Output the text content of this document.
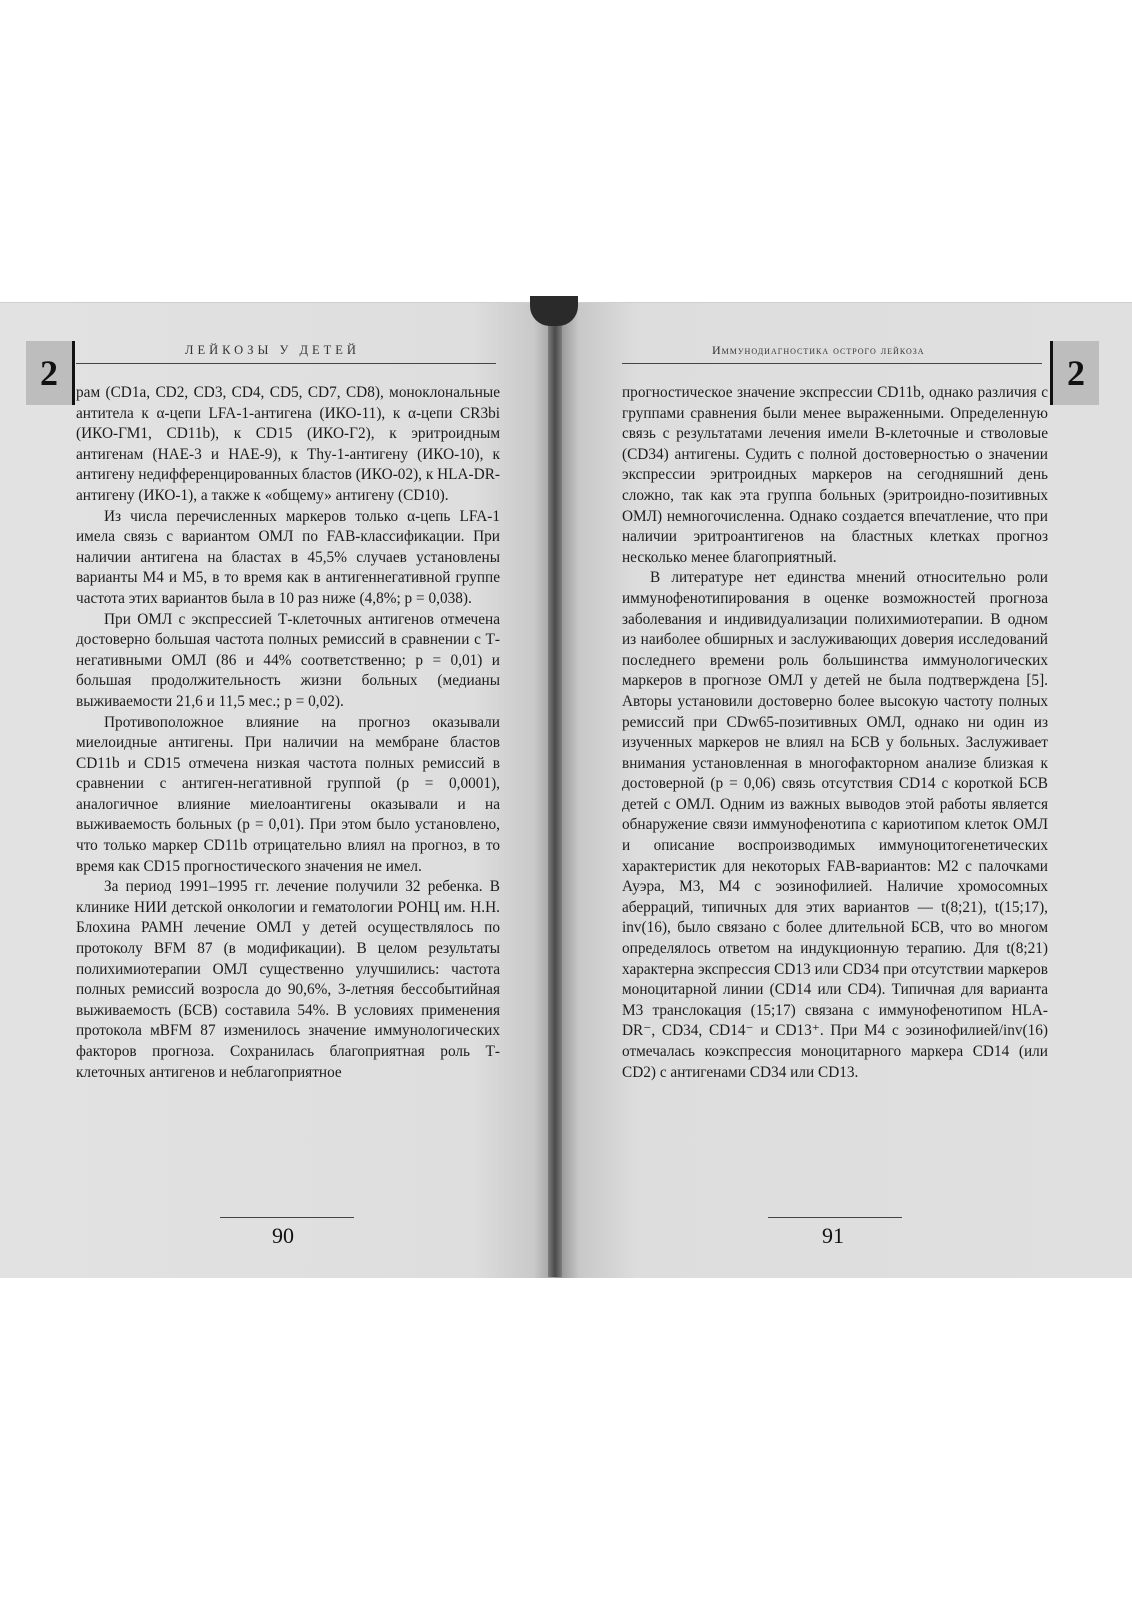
2
ЛЕЙКОЗЫ У ДЕТЕЙ

рам (CD1a, CD2, CD3, CD4, CD5, CD7, CD8), моноклональные антитела к α-цепи LFA-1-антигена (ИКО-11), к α-цепи CR3bi (ИКО-ГМ1, CD11b), к CD15 (ИКО-Г2), к эритроидным антигенам (HAE-3 и HAE-9), к Thy-1-антигену (ИКО-10), к антигену недифференцированных бластов (ИКО-02), к HLA-DR-антигену (ИКО-1), а также к «общему» антигену (CD10).

Из числа перечисленных маркеров только α-цепь LFA-1 имела связь с вариантом ОМЛ по FAB-классификации. При наличии антигена на бластах в 45,5% случаев установлены варианты М4 и М5, в то время как в антигеннегативной группе частота этих вариантов была в 10 раз ниже (4,8%; p = 0,038).

При ОМЛ с экспрессией Т-клеточных антигенов отмечена достоверно большая частота полных ремиссий в сравнении с Т-негативными ОМЛ (86 и 44% соответственно; p = 0,01) и большая продолжительность жизни больных (медианы выживаемости 21,6 и 11,5 мес.; p = 0,02).

Противоположное влияние на прогноз оказывали миелоидные антигены. При наличии на мембране бластов CD11b и CD15 отмечена низкая частота полных ремиссий в сравнении с антиген-негативной группой (p = 0,0001), аналогичное влияние миелоантигены оказывали и на выживаемость больных (p = 0,01). При этом было установлено, что только маркер CD11b отрицательно влиял на прогноз, в то время как CD15 прогностического значения не имел.

За период 1991–1995 гг. лечение получили 32 ребенка. В клинике НИИ детской онкологии и гематологии РОНЦ им. Н.Н. Блохина РАМН лечение ОМЛ у детей осуществлялось по протоколу BFM 87 (в модификации). В целом результаты полихимиотерапии ОМЛ существенно улучшились: частота полных ремиссий возросла до 90,6%, 3-летняя бессобытийная выживаемость (БСВ) составила 54%. В условиях применения протокола мBFM 87 изменилось значение иммунологических факторов прогноза. Сохранилась благоприятная роль Т-клеточных антигенов и неблагоприятное

90

прогностическое значение экспрессии CD11b, однако различия с группами сравнения были менее выраженными. Определенную связь с результатами лечения имели В-клеточные и стволовые (CD34) антигены. Судить с полной достоверностью о значении экспрессии эритроидных маркеров на сегодняшний день сложно, так как эта группа больных (эритроидно-позитивных ОМЛ) немногочисленна. Однако создается впечатление, что при наличии эритроантигенов на бластных клетках прогноз несколько менее благоприятный.

В литературе нет единства мнений относительно роли иммунофенотипирования в оценке возможностей прогноза заболевания и индивидуализации полихимиотерапии. В одном из наиболее обширных и заслуживающих доверия исследований последнего времени роль большинства иммунологических маркеров в прогнозе ОМЛ у детей не была подтверждена [5]. Авторы установили достоверно более высокую частоту полных ремиссий при CDw65-позитивных ОМЛ, однако ни один из изученных маркеров не влиял на БСВ у больных. Заслуживает внимания установленная в многофакторном анализе близкая к достоверной (p = 0,06) связь отсутствия CD14 с короткой БСВ детей с ОМЛ. Одним из важных выводов этой работы является обнаружение связи иммунофенотипа с кариотипом клеток ОМЛ и описание воспроизводимых иммуноцитогенетических характеристик для некоторых FAB-вариантов: М2 с палочками Ауэра, М3, М4 с эозинофилией. Наличие хромосомных аберраций, типичных для этих вариантов — t(8;21), t(15;17), inv(16), было связано с более длительной БСВ, что во многом определялось ответом на индукционную терапию. Для t(8;21) характерна экспрессия CD13 или CD34 при отсутствии маркеров моноцитарной линии (CD14 или CD4). Типичная для варианта М3 транслокация (15;17) связана с иммунофенотипом HLA-DR⁻, CD34, CD14⁻ и CD13⁺. При М4 с эозинофилией/inv(16) отмечалась коэкспрессия моноцитарного маркера CD14 (или CD2) с антигенами CD34 или CD13.

Иммунодиагностика острого лейкоза
2
91
